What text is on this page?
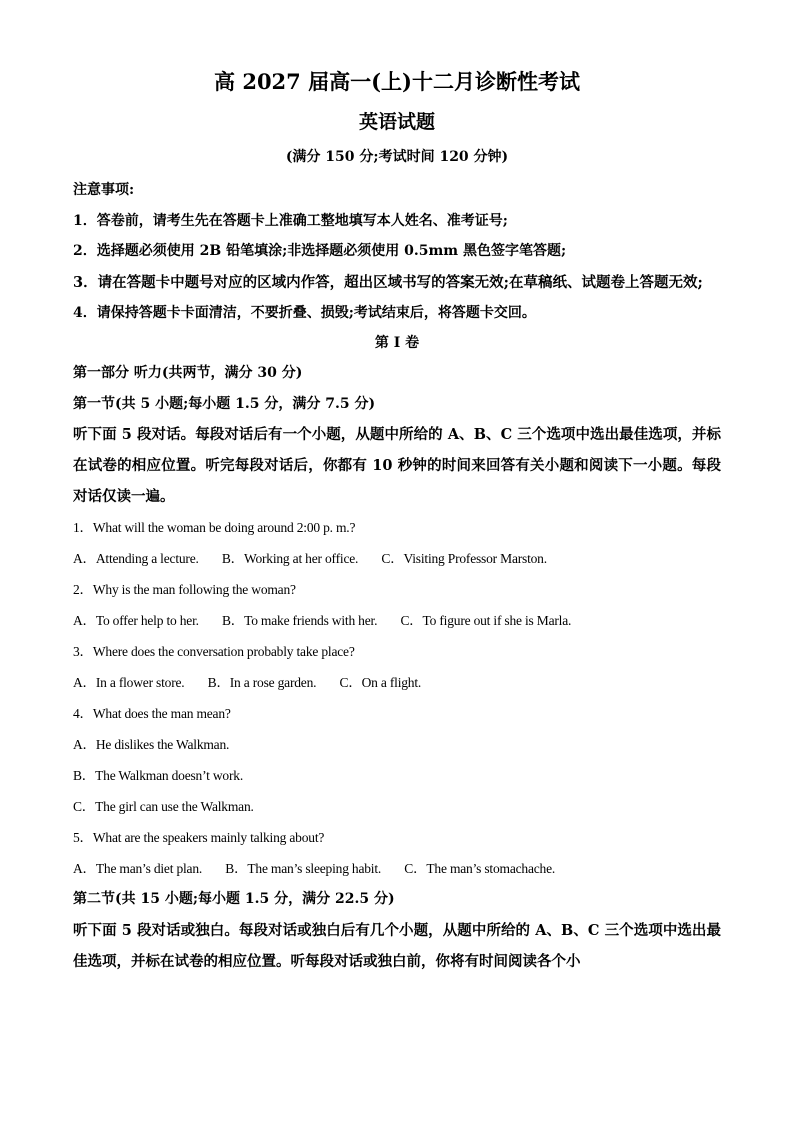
高 2027 届高一(上)十二月诊断性考试
英语试题
(满分 150 分;考试时间 120 分钟)
注意事项:
1．答卷前，请考生先在答题卡上准确工整地填写本人姓名、准考证号;
2．选择题必须使用 2B 铅笔填涂;非选择题必须使用 0.5mm 黑色签字笔答题;
3．请在答题卡中题号对应的区域内作答，超出区域书写的答案无效;在草稿纸、试题卷上答题无效;
4．请保持答题卡卡面清洁，不要折叠、损毁;考试结束后，将答题卡交回。
第 I 卷
第一部分 听力(共两节，满分 30 分)
第一节(共 5 小题;每小题 1.5 分，满分 7.5 分)
听下面 5 段对话。每段对话后有一个小题，从题中所给的 A、B、C 三个选项中选出最佳选项，并标在试卷的相应位置。听完每段对话后，你都有 10 秒钟的时间来回答有关小题和阅读下一小题。每段对话仅读一遍。
1．What will the woman be doing around 2:00 p. m.?
A．Attending a lecture. B．Working at her office. C．Visiting Professor Marston.
2．Why is the man following the woman?
A．To offer help to her. B．To make friends with her. C．To figure out if she is Marla.
3．Where does the conversation probably take place?
A．In a flower store. B．In a rose garden. C．On a flight.
4．What does the man mean?
A．He dislikes the Walkman.
B．The Walkman doesn’t work.
C．The girl can use the Walkman.
5．What are the speakers mainly talking about?
A．The man’s diet plan. B．The man’s sleeping habit. C．The man’s stomachache.
第二节(共 15 小题;每小题 1.5 分，满分 22.5 分)
听下面 5 段对话或独白。每段对话或独白后有几个小题，从题中所给的 A、B、C 三个选项中选出最佳选项，并标在试卷的相应位置。听每段对话或独白前，你将有时间阅读各个小
